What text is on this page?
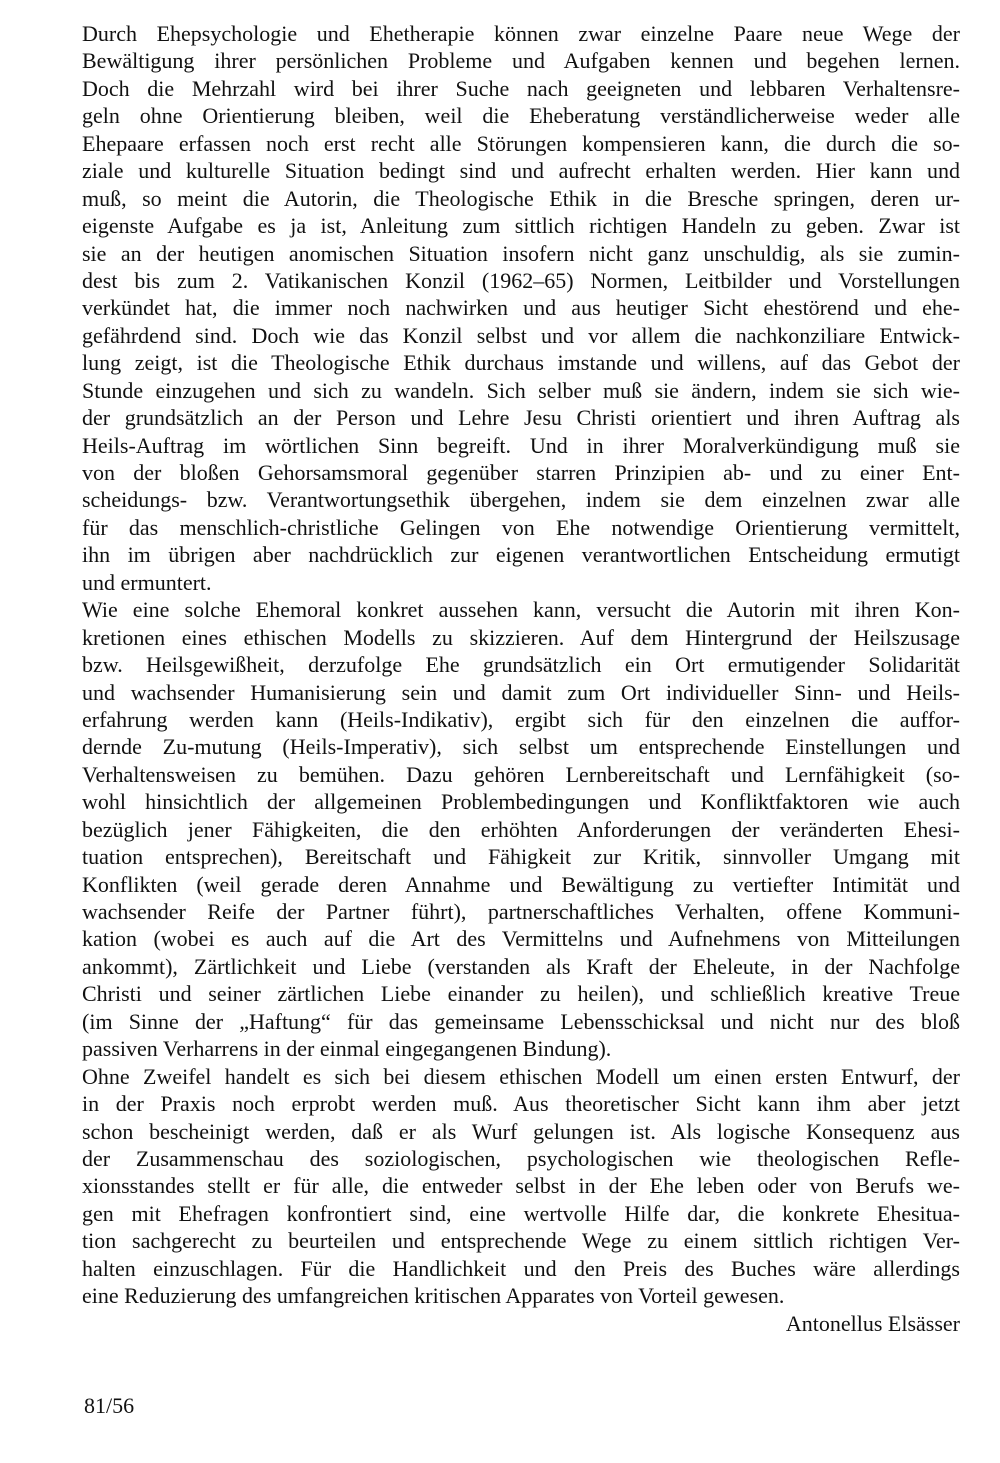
Durch Ehepsychologie und Ehetherapie können zwar einzelne Paare neue Wege der
Bewältigung ihrer persönlichen Probleme und Aufgaben kennen und begehen lernen.
Doch die Mehrzahl wird bei ihrer Suche nach geeigneten und lebbaren Verhaltensre-
geln ohne Orientierung bleiben, weil die Eheberatung verständlicherweise weder alle
Ehepaare erfassen noch erst recht alle Störungen kompensieren kann, die durch die so-
ziale und kulturelle Situation bedingt sind und aufrecht erhalten werden. Hier kann und
muß, so meint die Autorin, die Theologische Ethik in die Bresche springen, deren ur-
eigenste Aufgabe es ja ist, Anleitung zum sittlich richtigen Handeln zu geben. Zwar ist
sie an der heutigen anomischen Situation insofern nicht ganz unschuldig, als sie zumin-
dest bis zum 2. Vatikanischen Konzil (1962–65) Normen, Leitbilder und Vorstellungen
verkündet hat, die immer noch nachwirken und aus heutiger Sicht ehestörend und ehe-
gefährdend sind. Doch wie das Konzil selbst und vor allem die nachkonziliare Entwick-
lung zeigt, ist die Theologische Ethik durchaus imstande und willens, auf das Gebot der
Stunde einzugehen und sich zu wandeln. Sich selber muß sie ändern, indem sie sich wie-
der grundsätzlich an der Person und Lehre Jesu Christi orientiert und ihren Auftrag als
Heils-Auftrag im wörtlichen Sinn begreift. Und in ihrer Moralverkündigung muß sie
von der bloßen Gehorsamsmoral gegenüber starren Prinzipien ab- und zu einer Ent-
scheidungs- bzw. Verantwortungsethik übergehen, indem sie dem einzelnen zwar alle
für das menschlich-christliche Gelingen von Ehe notwendige Orientierung vermittelt,
ihn im übrigen aber nachdrücklich zur eigenen verantwortlichen Entscheidung ermutigt
und ermuntert.
Wie eine solche Ehemoral konkret aussehen kann, versucht die Autorin mit ihren Kon-
kretionen eines ethischen Modells zu skizzieren. Auf dem Hintergrund der Heilszusage
bzw. Heilsgewißheit, derzufolge Ehe grundsätzlich ein Ort ermutigender Solidarität
und wachsender Humanisierung sein und damit zum Ort individueller Sinn- und Heils-
erfahrung werden kann (Heils-Indikativ), ergibt sich für den einzelnen die auffor-
dernde Zu-mutung (Heils-Imperativ), sich selbst um entsprechende Einstellungen und
Verhaltensweisen zu bemühen. Dazu gehören Lernbereitschaft und Lernfähigkeit (so-
wohl hinsichtlich der allgemeinen Problembedingungen und Konfliktfaktoren wie auch
bezüglich jener Fähigkeiten, die den erhöhten Anforderungen der veränderten Ehesi-
tuation entsprechen), Bereitschaft und Fähigkeit zur Kritik, sinnvoller Umgang mit
Konflikten (weil gerade deren Annahme und Bewältigung zu vertiefter Intimität und
wachsender Reife der Partner führt), partnerschaftliches Verhalten, offene Kommuni-
kation (wobei es auch auf die Art des Vermittelns und Aufnehmens von Mitteilungen
ankommt), Zärtlichkeit und Liebe (verstanden als Kraft der Eheleute, in der Nachfolge
Christi und seiner zärtlichen Liebe einander zu heilen), und schließlich kreative Treue
(im Sinne der „Haftung“ für das gemeinsame Lebensschicksal und nicht nur des bloß
passiven Verharrens in der einmal eingegangenen Bindung).
Ohne Zweifel handelt es sich bei diesem ethischen Modell um einen ersten Entwurf, der
in der Praxis noch erprobt werden muß. Aus theoretischer Sicht kann ihm aber jetzt
schon bescheinigt werden, daß er als Wurf gelungen ist. Als logische Konsequenz aus
der Zusammenschau des soziologischen, psychologischen wie theologischen Refle-
xionsstandes stellt er für alle, die entweder selbst in der Ehe leben oder von Berufs we-
gen mit Ehefragen konfrontiert sind, eine wertvolle Hilfe dar, die konkrete Ehesitua-
tion sachgerecht zu beurteilen und entsprechende Wege zu einem sittlich richtigen Ver-
halten einzuschlagen. Für die Handlichkeit und den Preis des Buches wäre allerdings
eine Reduzierung des umfangreichen kritischen Apparates von Vorteil gewesen.
Antonellus Elsässer
81/56
